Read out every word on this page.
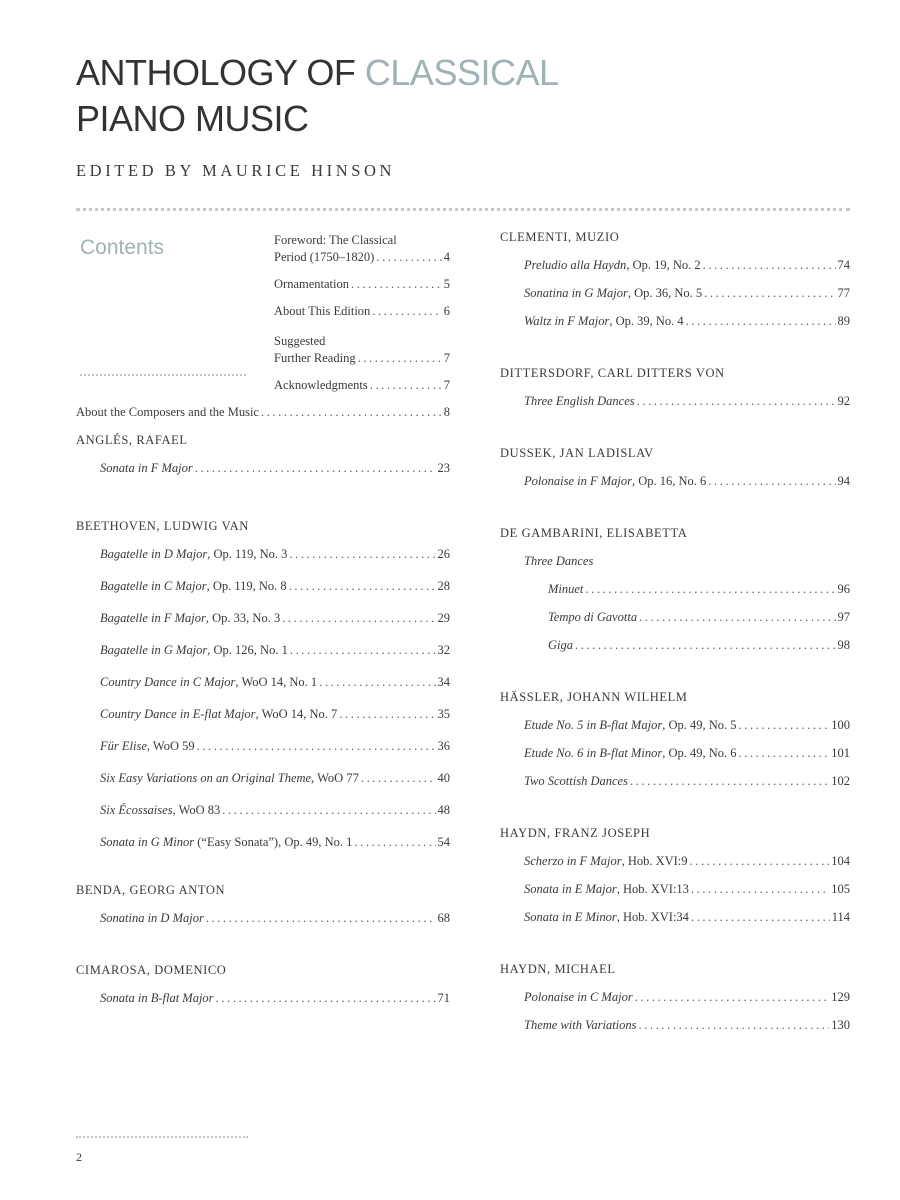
ANTHOLOGY OF CLASSICAL
PIANO MUSIC
EDITED BY MAURICE HINSON
Contents	Foreword: The Classical
Period (1750–1820) .....	4
Ornamentation .....	5
About This Edition .....	6
Suggested
Further Reading .....	7
Acknowledgments .....	7
About the Composers and the Music .....	8
ANGLÉS, RAFAEL
Sonata in F Major .....	23
BEETHOVEN, LUDWIG VAN
Bagatelle in D Major, Op. 119, No. 3 .....	26
Bagatelle in C Major, Op. 119, No. 8 .....	28
Bagatelle in F Major, Op. 33, No. 3 .....	29
Bagatelle in G Major, Op. 126, No. 1 .....	32
Country Dance in C Major, WoO 14, No. 1 .....	34
Country Dance in E-flat Major, WoO 14, No. 7 .....	35
Für Elise, WoO 59 .....	36
Six Easy Variations on an Original Theme, WoO 77 .....	40
Six Écossaises, WoO 83 .....	48
Sonata in G Minor (“Easy Sonata”), Op. 49, No. 1 .....	54
BENDA, GEORG ANTON
Sonatina in D Major .....	68
CIMAROSA, DOMENICO
Sonata in B-flat Major .....	71
CLEMENTI, MUZIO
Preludio alla Haydn, Op. 19, No. 2 .....	74
Sonatina in G Major, Op. 36, No. 5 .....	77
Waltz in F Major, Op. 39, No. 4 .....	89
DITTERSDORF, CARL DITTERS VON
Three English Dances .....	92
DUSSEK, JAN LADISLAV
Polonaise in F Major, Op. 16, No. 6 .....	94
DE GAMBARINI, ELISABETTA
Three Dances
Minuet .....	96
Tempo di Gavotta .....	97
Giga .....	98
HÄSSLER, JOHANN WILHELM
Etude No. 5 in B-flat Major, Op. 49, No. 5 .....	100
Etude No. 6 in B-flat Minor, Op. 49, No. 6 .....	101
Two Scottish Dances .....	102
HAYDN, FRANZ JOSEPH
Scherzo in F Major, Hob. XVI:9 .....	104
Sonata in E Major, Hob. XVI:13 .....	105
Sonata in E Minor, Hob. XVI:34 .....	114
HAYDN, MICHAEL
Polonaise in C Major .....	129
Theme with Variations .....	130
2
